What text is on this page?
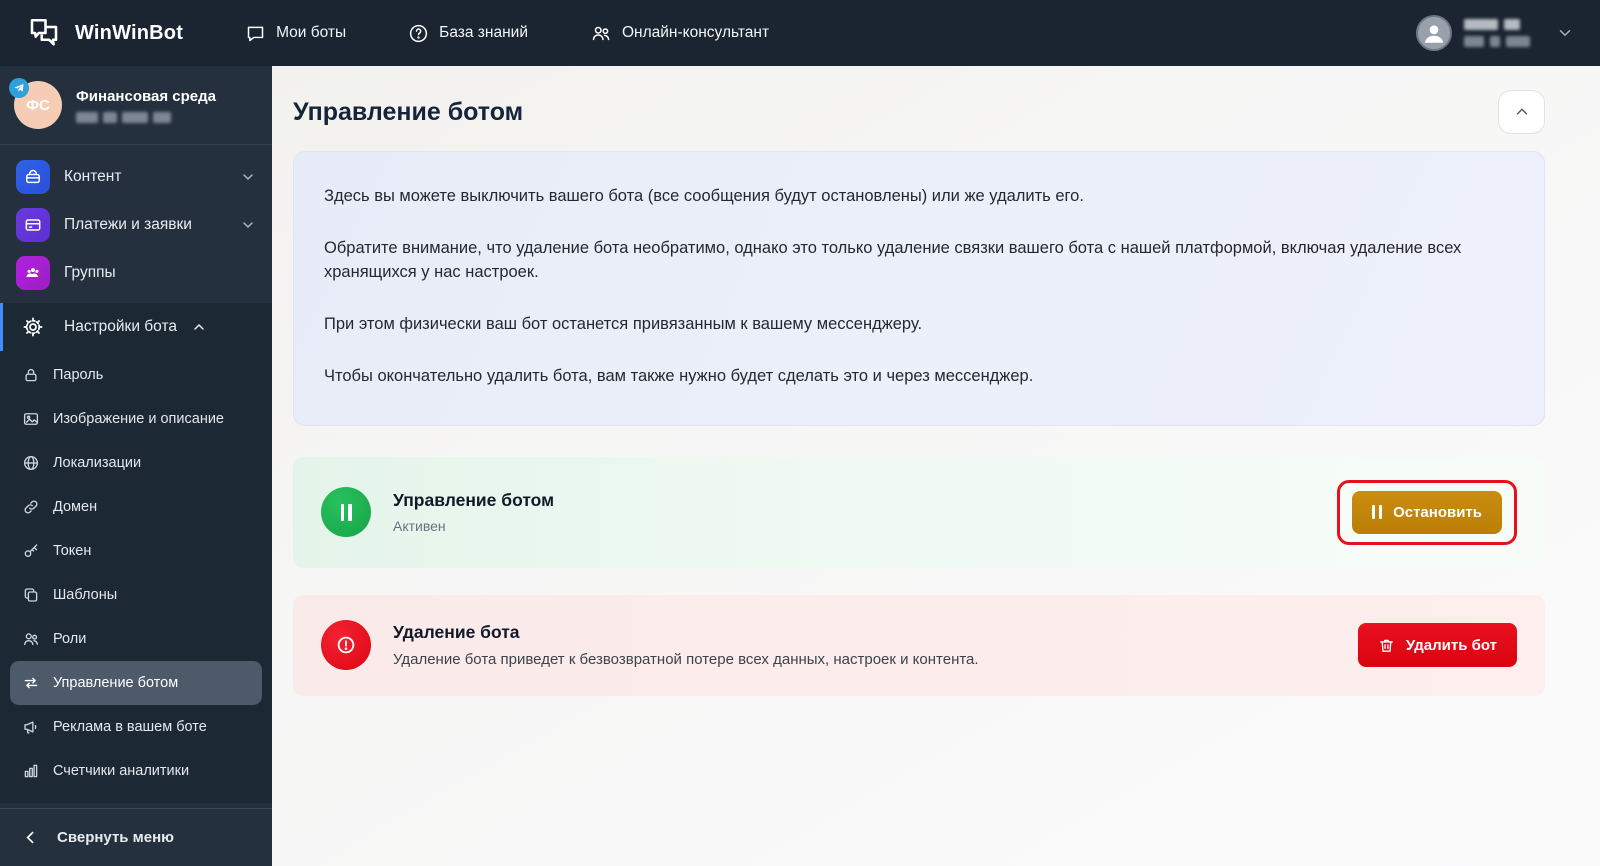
WinWinBot	Мои боты	База знаний	Онлайн-консультант
ФС
Финансовая среда
Контент
Платежи и заявки
Группы
Настройки бота
Пароль
Изображение и описание
Локализации
Домен
Токен
Шаблоны
Роли
Управление ботом
Реклама в вашем боте
Счетчики аналитики
Свернуть меню
Управление ботом

Здесь вы можете выключить вашего бота (все сообщения будут остановлены) или же удалить его.

Обратите внимание, что удаление бота необратимо, однако это только удаление связки вашего бота с нашей платформой, включая удаление всех хранящихся у нас настроек.

При этом физически ваш бот останется привязанным к вашему мессенджеру.

Чтобы окончательно удалить бота, вам также нужно будет сделать это и через мессенджер.

Управление ботом
Активен
Остановить
Удаление бота
Удаление бота приведет к безвозвратной потере всех данных, настроек и контента.
Удалить бот
